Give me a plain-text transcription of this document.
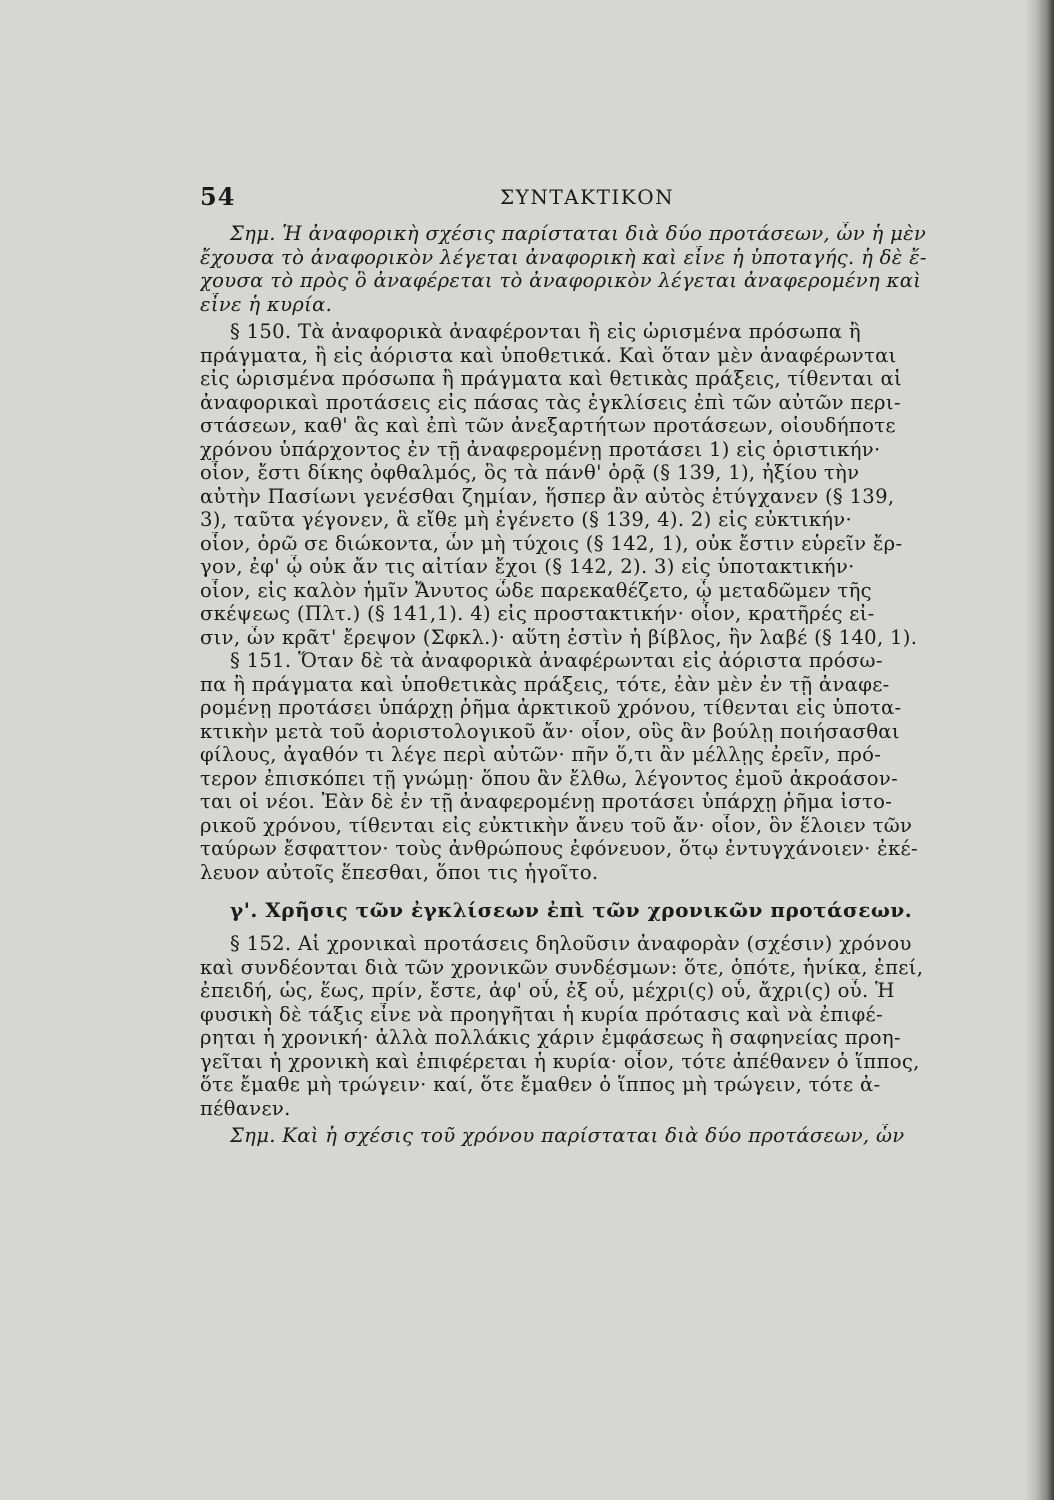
54	ΣΥΝΤΑΚΤΙΚΟΝ

Σημ. Ἡ ἀναφορικὴ σχέσις παρίσταται διὰ δύο προτάσεων, ὧν ἡ μὲν
ἔχουσα τὸ ἀναφορικὸν λέγεται ἀναφορικὴ καὶ εἶνε ἡ ὑποταγής. ἡ δὲ ἔ-
χουσα τὸ πρὸς ὃ ἀναφέρεται τὸ ἀναφορικὸν λέγεται ἀναφερομένη καὶ
εἶνε ἡ κυρία.

§ 150. Τὰ ἀναφορικὰ ἀναφέρονται ἢ εἰς ὡρισμένα πρόσωπα ἢ
πράγματα, ἢ εἰς ἀόριστα καὶ ὑποθετικά. Καὶ ὅταν μὲν ἀναφέρωνται
εἰς ὡρισμένα πρόσωπα ἢ πράγματα καὶ θετικὰς πράξεις, τίθενται αἱ
ἀναφορικαὶ προτάσεις εἰς πάσας τὰς ἐγκλίσεις ἐπὶ τῶν αὐτῶν περι-
στάσεων, καθ' ἃς καὶ ἐπὶ τῶν ἀνεξαρτήτων προτάσεων, οἱουδήποτε
χρόνου ὑπάρχοντος ἐν τῇ ἀναφερομένῃ προτάσει 1) εἰς ὁριστικήν·
οἷον, ἔστι δίκης ὀφθαλμός, ὃς τὰ πάνθ' ὁρᾷ (§ 139, 1), ἠξίου τὴν
αὐτὴν Πασίωνι γενέσθαι ζημίαν, ἥσπερ ἂν αὐτὸς ἐτύγχανεν (§ 139,
3), ταῦτα γέγονεν, ἃ εἴθε μὴ ἐγένετο (§ 139, 4). 2) εἰς εὐκτικήν·
οἷον, ὁρῶ σε διώκοντα, ὧν μὴ τύχοις (§ 142, 1), οὐκ ἔστιν εὑρεῖν ἔρ-
γον, ἐφ' ᾧ οὐκ ἄν τις αἰτίαν ἔχοι (§ 142, 2). 3) εἰς ὑποτακτικήν·
οἷον, εἰς καλὸν ἡμῖν Ἄνυτος ὧδε παρεκαθέζετο, ᾧ μεταδῶμεν τῆς
σκέψεως (Πλτ.) (§ 141,1). 4) εἰς προστακτικήν· οἷον, κρατῆρές εἰ-
σιν, ὧν κρᾶτ' ἔρεψον (Σφκλ.)· αὕτη ἐστὶν ἡ βίβλος, ἣν λαβέ (§ 140, 1).

§ 151. Ὅταν δὲ τὰ ἀναφορικὰ ἀναφέρωνται εἰς ἀόριστα πρόσω-
πα ἢ πράγματα καὶ ὑποθετικὰς πράξεις, τότε, ἐὰν μὲν ἐν τῇ ἀναφε-
ρομένῃ προτάσει ὑπάρχῃ ῥῆμα ἀρκτικοῦ χρόνου, τίθενται εἰς ὑποτα-
κτικὴν μετὰ τοῦ ἀοριστολογικοῦ ἄν· οἷον, οὓς ἂν βούλῃ ποιήσασθαι
φίλους, ἀγαθόν τι λέγε περὶ αὐτῶν· πῆν ὅ,τι ἂν μέλλῃς ἐρεῖν, πρό-
τερον ἐπισκόπει τῇ γνώμῃ· ὅπου ἂν ἔλθω, λέγοντος ἐμοῦ ἀκροάσον-
ται οἱ νέοι. Ἐὰν δὲ ἐν τῇ ἀναφερομένῃ προτάσει ὑπάρχῃ ῥῆμα ἱστο-
ρικοῦ χρόνου, τίθενται εἰς εὐκτικὴν ἄνευ τοῦ ἄν· οἷον, ὃν ἕλοιεν τῶν
ταύρων ἔσφαττον· τοὺς ἀνθρώπους ἐφόνευον, ὅτῳ ἐντυγχάνοιεν· ἐκέ-
λευον αὐτοῖς ἕπεσθαι, ὅποι τις ἡγοῖτο.

γ'. Χρῆσις τῶν ἐγκλίσεων ἐπὶ τῶν χρονικῶν προτάσεων.

§ 152. Αἱ χρονικαὶ προτάσεις δηλοῦσιν ἀναφορὰν (σχέσιν) χρόνου
καὶ συνδέονται διὰ τῶν χρονικῶν συνδέσμων: ὅτε, ὁπότε, ἡνίκα, ἐπεί,
ἐπειδή, ὡς, ἕως, πρίν, ἔστε, ἀφ' οὗ, ἐξ οὗ, μέχρι(ς) οὗ, ἄχρι(ς) οὗ. Ἡ
φυσικὴ δὲ τάξις εἶνε νὰ προηγῆται ἡ κυρία πρότασις καὶ νὰ ἐπιφέ-
ρηται ἡ χρονική· ἀλλὰ πολλάκις χάριν ἐμφάσεως ἢ σαφηνείας προη-
γεῖται ἡ χρονικὴ καὶ ἐπιφέρεται ἡ κυρία· οἷον, τότε ἀπέθανεν ὁ ἵππος,
ὅτε ἔμαθε μὴ τρώγειν· καί, ὅτε ἔμαθεν ὁ ἵππος μὴ τρώγειν, τότε ἀ-
πέθανεν.

Σημ. Καὶ ἡ σχέσις τοῦ χρόνου παρίσταται διὰ δύο προτάσεων, ὧν
